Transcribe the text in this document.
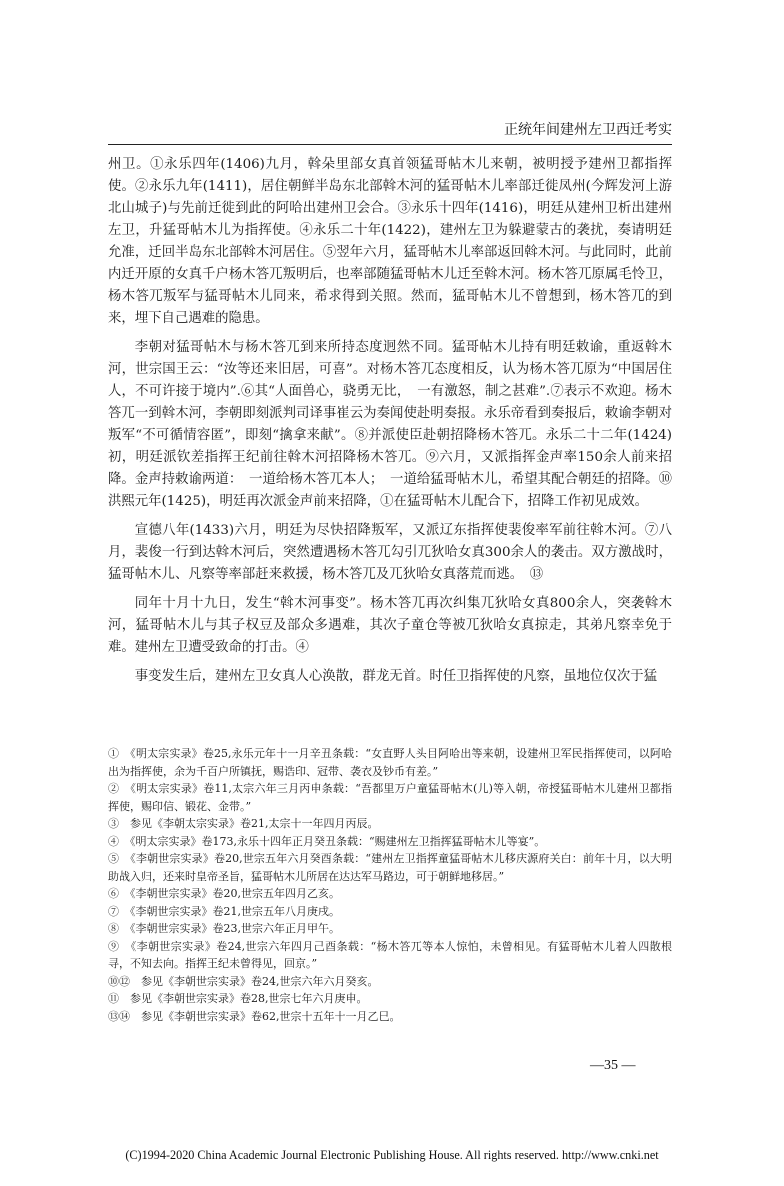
正统年间建州左卫西迁考实

州卫。①永乐四年(1406)九月，斡朵里部女真首领猛哥帖木儿来朝，被明授予建州卫都指挥使。②永乐九年(1411)，居住朝鲜半岛东北部斡木河的猛哥帖木儿率部迁徙凤州(今辉发河上游北山城子)与先前迁徙到此的阿哈出建州卫会合。③永乐十四年(1416)，明廷从建州卫析出建州左卫，升猛哥帖木儿为指挥使。④永乐二十年(1422)，建州左卫为躲避蒙古的袭扰，奏请明廷允准，迁回半岛东北部斡木河居住。⑤翌年六月，猛哥帖木儿率部返回斡木河。与此同时，此前内迁开原的女真千户杨木答兀叛明后，也率部随猛哥帖木儿迁至斡木河。杨木答兀原属毛怜卫，杨木答兀叛军与猛哥帖木儿同来，希求得到关照。然而，猛哥帖木儿不曾想到，杨木答兀的到来，埋下自己遇难的隐患。

李朝对猛哥帖木与杨木答兀到来所持态度迥然不同。猛哥帖木儿持有明廷敕谕，重返斡木河，世宗国王云：“汝等还来旧居，可喜”。对杨木答兀态度相反，认为杨木答兀原为“中国居住人，不可许接于境内”.⑥其“人面兽心，骁勇无比，　一有激怒，制之甚难”.⑦表示不欢迎。杨木答兀一到斡木河，李朝即刻派判司译事崔云为奏闻使赴明奏报。永乐帝看到奏报后，敕谕李朝对叛军“不可循情容匿”，即刻“擒拿来献”。⑧并派使臣赴朝招降杨木答兀。永乐二十二年(1424)初，明廷派钦差指挥王纪前往斡木河招降杨木答兀。⑨六月，又派指挥金声率150余人前来招降。金声持敕谕两道：　一道给杨木答兀本人；　一道给猛哥帖木儿，希望其配合朝廷的招降。⑩洪熙元年(1425)，明廷再次派金声前来招降，①在猛哥帖木儿配合下，招降工作初见成效。

宣德八年(1433)六月，明廷为尽快招降叛军，又派辽东指挥使裴俊率军前往斡木河。⑦八月，裴俊一行到达斡木河后，突然遭遇杨木答兀勾引兀狄哈女真300余人的袭击。双方激战时，猛哥帖木儿、凡察等率部赶来救援，杨木答兀及兀狄哈女真落荒而逃。　⑬

同年十月十九日，发生“斡木河事变”。杨木答兀再次纠集兀狄哈女真800余人，突袭斡木河，猛哥帖木儿与其子权豆及部众多遇难，其次子童仓等被兀狄哈女真掠走，其弟凡察幸免于难。建州左卫遭受致命的打击。④

事变发生后，建州左卫女真人心涣散，群龙无首。时任卫指挥使的凡察，虽地位仅次于猛

①　《明太宗实录》卷25,永乐元年十一月辛丑条载：“女直野人头目阿哈出等来朝，设建州卫军民指挥使司，以阿哈出为指挥使，余为千百户所镇抚，赐诰印、冠带、袭衣及钞币有差。”

②　《明太宗实录》卷11,太宗六年三月丙申条载：“吾都里万户童猛哥帖木(儿)等入朝，帝授猛哥帖木儿建州卫都指挥使，赐印信、锻花、金带。”

③　参见《李朝太宗实录》卷21,太宗十一年四月丙辰。

④　《明太宗实录》卷173,永乐十四年正月癸丑条载：“赐建州左卫指挥猛哥帖木儿等宴”。

⑤　《李朝世宗实录》卷20,世宗五年六月癸酉条载：“建州左卫指挥童猛哥帖木儿移庆源府关白：前年十月，以大明助战入归，还来时皇帝圣旨，猛哥帖木儿所居在达达军马路边，可于朝鲜地移居。”

⑥　《李朝世宗实录》卷20,世宗五年四月乙亥。

⑦　《李朝世宗实录》卷21,世宗五年八月庚戌。

⑧　《李朝世宗实录》卷23,世宗六年正月甲午。

⑨　《李朝世宗实录》卷24,世宗六年四月己酉条载：“杨木答兀等本人惊怕，未曾相见。有猛哥帖木儿着人四散根寻，不知去向。指挥王纪未曾得见，回京。”

⑩⑫　参见《李朝世宗实录》卷24,世宗六年六月癸亥。

⑪　参见《李朝世宗实录》卷28,世宗七年六月庚申。

⑬⑭　参见《李朝世宗实录》卷62,世宗十五年十一月乙巳。

—35 —
(C)1994-2020 China Academic Journal Electronic Publishing House. All rights reserved. http://www.cnki.net
